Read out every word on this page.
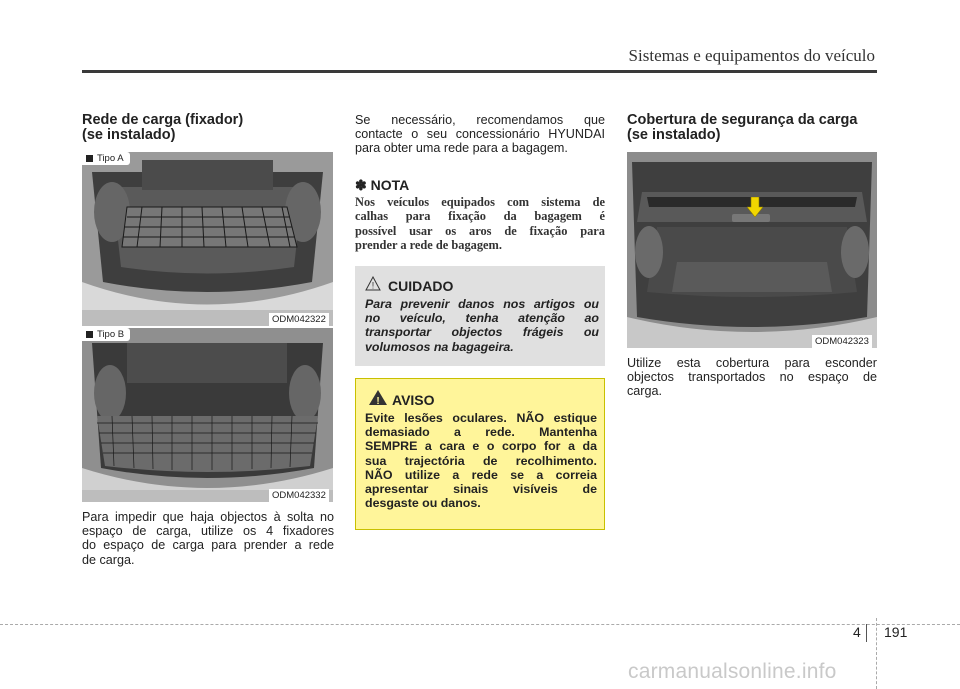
Sistemas e equipamentos do veículo
Rede de carga (fixador)
(se instalado)
Tipo A
ODM042322
Tipo B
ODM042332
Para impedir que haja objectos à solta no
espaço de carga, utilize os 4 fixadores
do espaço de carga para prender a rede
de carga.
Se necessário, recomendamos que
contacte o seu concessionário HYUNDAI
para obter uma rede para a bagagem.
✽ NOTA
Nos veículos equipados com sistema de
calhas para fixação da bagagem é
possível usar os aros de fixação para
prender a rede de bagagem.
! CUIDADO
Para prevenir danos nos artigos ou
no veículo, tenha atenção ao
transportar objectos frágeis ou
volumosos na bagageira.
! AVISO
Evite lesões oculares. NÃO estique
demasiado a rede. Mantenha
SEMPRE a cara e o corpo for a da
sua trajectória de recolhimento.
NÃO utilize a rede se a correia
apresentar sinais visíveis de
desgaste ou danos.
Cobertura de segurança da carga
(se instalado)
ODM042323
Utilize esta cobertura para esconder
objectos transportados no espaço de
carga.
4 191
carmanualsonline.info
